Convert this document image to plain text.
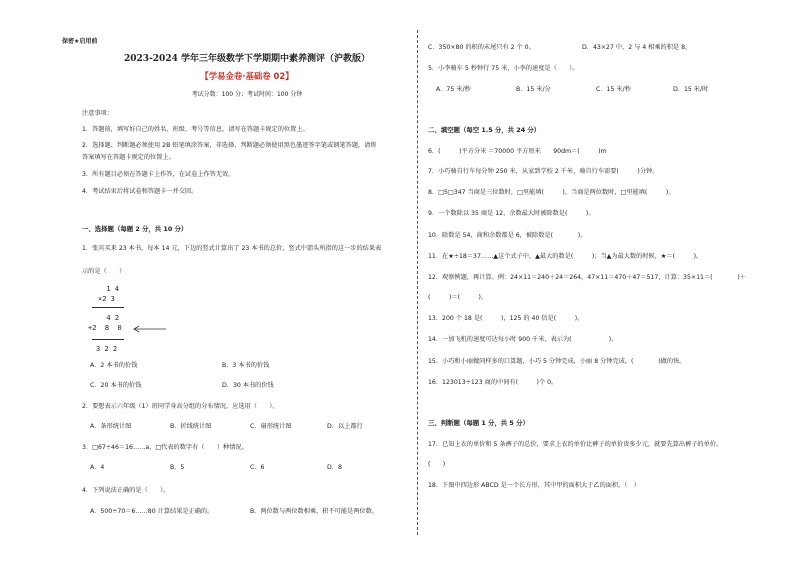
保密★启用前
2023-2024 学年三年级数学下学期期中素养测评（沪教版）
【学易金卷·基础卷 02】
考试分数：100 分；考试时间：100 分钟
注意事项：
1．答题前，填写好自己的姓名、班级、考号等信息，请写在答题卡规定的位置上。
2．选择题、判断题必须使用 2B 铅笔填涂答案，非选择、判断题必须使用黑色墨迹签字笔或钢笔答题，请将
答案填写在答题卡规定的位置上。
3．所有题目必须在答题卡上作答，在试卷上作答无效。
4．考试结束后将试卷和答题卡一并交回。
一、选择题（每题 2 分，共 10 分）
1．张宾买来 23 本书，每本 14 元，下边的竖式计算出了 23 本书的总价，竖式中箭头所指的这一步的结果表
示的是（　　）
1 4
×2 3
4 2
+2  8  0
3 2 2
A．2 本书的价钱	B．3 本书的价钱
C．20 本书的价钱	D．30 本书的价钱
2．要想表示六年级（1）班同学身高分组的分布情况，应选用（　　）。
A．条形统计图	B．折线统计图	C．扇形统计图	D．以上都行
3．□67÷46＝16……a，□代表的数字有（　　）种情况。
A．4	B．5	C．6	D．8
4．下列说法正确的是（　　）。
A．500÷70＝6……80 计算结果是正确的。	B．两位数与两位数相乘，积不可能是两位数。
C．350×80 的积的末尾只有 2 个 0。	D．43×27 中，2 与 4 相乘的积是 8。
5．小李骑车 5 秒钟行 75 米，小李的速度是（　　）。
A．75 米/秒	B．15 米/分	C．15 米/秒	D．15 米/时
二、填空题（每空 1.5 分，共 24 分）
6．(　　　)平方分米 ＝70000 平方厘米　　90dm＝(　　　)m
7．小巧骑自行车每分钟 250 米，从家到学校 2 千米，骑自行车需要(　　　)分钟。
8．□5□347 当商是三位数时，□里能填(　　　)，当商是两位数时，□里能填(　　　)。
9．一个数除以 35 商是 12，余数最大时被除数是(　　　)。
10．除数是 54，商和余数都是 6，被除数是(　　　　)。
11．在★÷18＝37……▲这个式子中，▲最大的数是(　　　)；当▲为最大数的时候，★＝(　　　)。
12．观察例题，再计算。例：24×11＝240＋24＝264，47×11＝470＋47＝517，计算：35×11＝(　　　　)＋
(　　　)＝(　　　)。
13．200 个 18 是(　　　)，125 的 40 倍是(　　　)。
14．一加飞机的速度可达每小时 900 千米，表示为(　　　　　　)。
15．小巧和小丽做同样多的口算题，小巧 5 分钟完成，小丽 8 分钟完成。(　　　　)做的快。
16．123013÷123 商的中间有(　　　)个 0。
三、判断题（每题 1 分，共 5 分）
17．已知上衣的单价和 5 条裤子的总价，要求上衣的单价比裤子的单价贵多少元，就要先算出裤子的单价。
(　　)
18．下图中四边形 ABCD 是一个长方形，其中甲的面积大于乙的面积。（　）
